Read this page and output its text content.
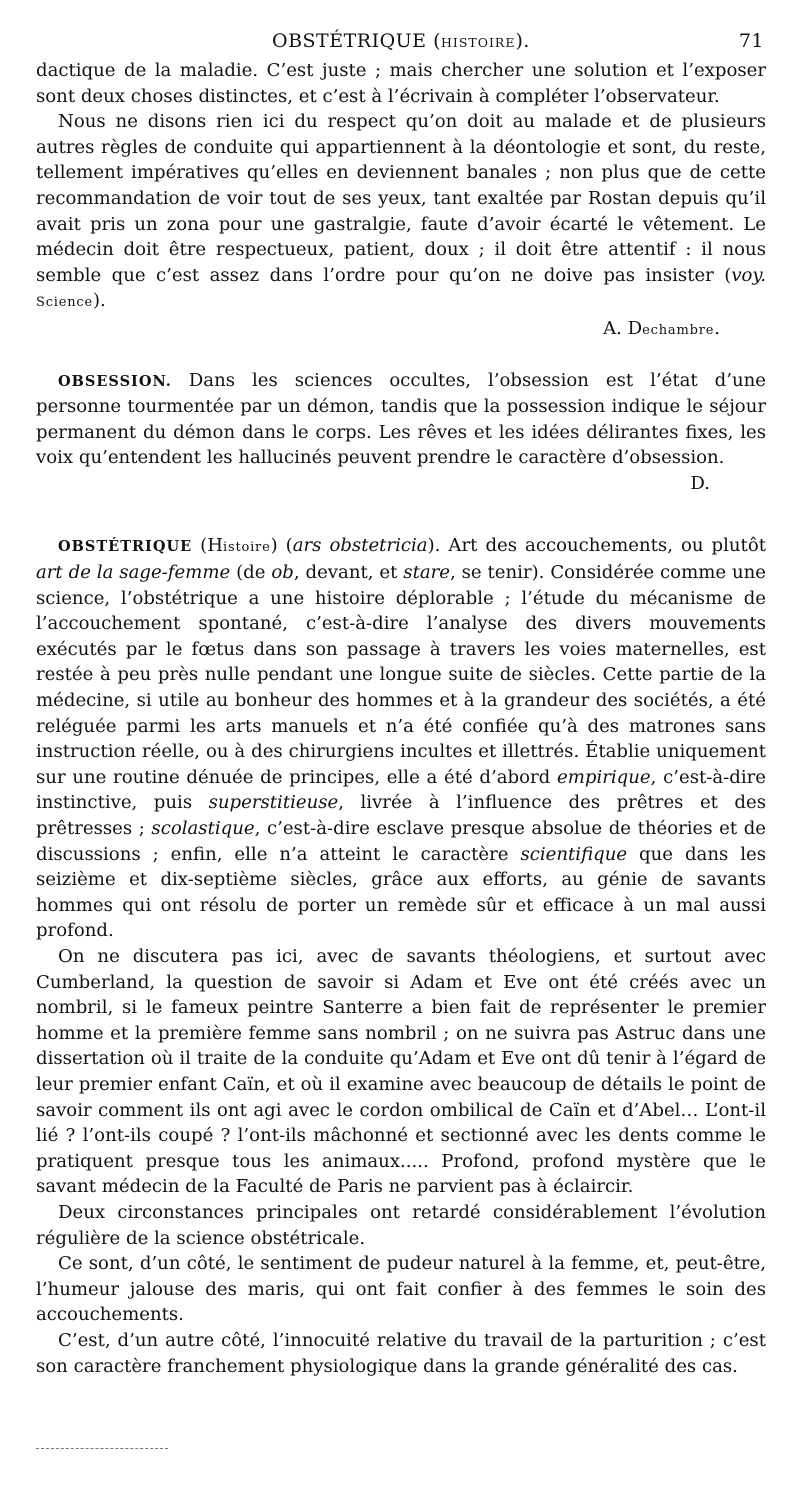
OBSTÉTRIQUE (HISTOIRE).	71

dactique de la maladie. C’est juste ; mais chercher une solution et l’exposer sont deux choses distinctes, et c’est à l’écrivain à compléter l’observateur.

Nous ne disons rien ici du respect qu’on doit au malade et de plusieurs autres règles de conduite qui appartiennent à la déontologie et sont, du reste, tellement impératives qu’elles en deviennent banales ; non plus que de cette recommandation de voir tout de ses yeux, tant exaltée par Rostan depuis qu’il avait pris un zona pour une gastralgie, faute d’avoir écarté le vêtement. Le médecin doit être respectueux, patient, doux ; il doit être attentif : il nous semble que c’est assez dans l’ordre pour qu’on ne doive pas insister (voy. Science).

A. Dechambre.

OBSESSION. Dans les sciences occultes, l’obsession est l’état d’une personne tourmentée par un démon, tandis que la possession indique le séjour permanent du démon dans le corps. Les rêves et les idées délirantes fixes, les voix qu’entendent les hallucinés peuvent prendre le caractère d’obsession.

D.

OBSTÉTRIQUE (Histoire) (ars obstetricia). Art des accouchements, ou plutôt art de la sage-femme (de ob, devant, et stare, se tenir). Considérée comme une science, l’obstétrique a une histoire déplorable ; l’étude du mécanisme de l’accouchement spontané, c’est-à-dire l’analyse des divers mouvements exécutés par le fœtus dans son passage à travers les voies maternelles, est restée à peu près nulle pendant une longue suite de siècles. Cette partie de la médecine, si utile au bonheur des hommes et à la grandeur des sociétés, a été reléguée parmi les arts manuels et n’a été confiée qu’à des matrones sans instruction réelle, ou à des chirurgiens incultes et illettrés. Établie uniquement sur une routine dénuée de principes, elle a été d’abord empirique, c’est-à-dire instinctive, puis superstitieuse, livrée à l’influence des prêtres et des prêtresses ; scolastique, c’est-à-dire esclave presque absolue de théories et de discussions ; enfin, elle n’a atteint le caractère scientifique que dans les seizième et dix-septième siècles, grâce aux efforts, au génie de savants hommes qui ont résolu de porter un remède sûr et efficace à un mal aussi profond.

On ne discutera pas ici, avec de savants théologiens, et surtout avec Cumberland, la question de savoir si Adam et Eve ont été créés avec un nombril, si le fameux peintre Santerre a bien fait de représenter le premier homme et la première femme sans nombril ; on ne suivra pas Astruc dans une dissertation où il traite de la conduite qu’Adam et Eve ont dû tenir à l’égard de leur premier enfant Caïn, et où il examine avec beaucoup de détails le point de savoir comment ils ont agi avec le cordon ombilical de Caïn et d’Abel… L’ont-il lié ? l’ont-ils coupé ? l’ont-ils mâchonné et sectionné avec les dents comme le pratiquent presque tous les animaux..... Profond, profond mystère que le savant médecin de la Faculté de Paris ne parvient pas à éclaircir.

Deux circonstances principales ont retardé considérablement l’évolution régulière de la science obstétricale.

Ce sont, d’un côté, le sentiment de pudeur naturel à la femme, et, peut-être, l’humeur jalouse des maris, qui ont fait confier à des femmes le soin des accouchements.

C’est, d’un autre côté, l’innocuité relative du travail de la parturition ; c’est son caractère franchement physiologique dans la grande généralité des cas.
